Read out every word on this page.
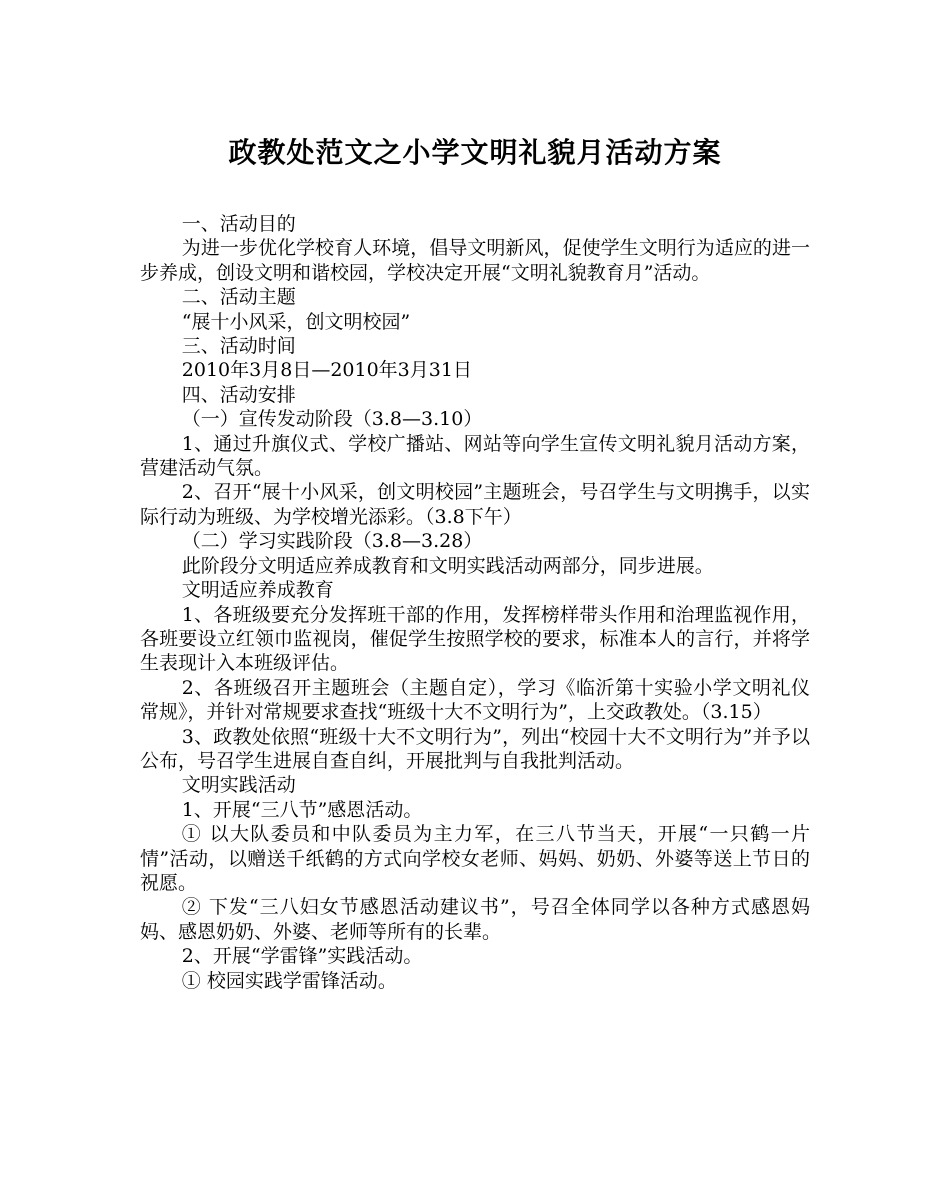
政教处范文之小学文明礼貌月活动方案

一、活动目的

为进一步优化学校育人环境，倡导文明新风，促使学生文明行为适应的进一步养成，创设文明和谐校园，学校决定开展“文明礼貌教育月”活动。

二、活动主题

“展十小风采，创文明校园”

三、活动时间

2010年3月8日—2010年3月31日

四、活动安排

（一）宣传发动阶段（3.8—3.10）

1、通过升旗仪式、学校广播站、网站等向学生宣传文明礼貌月活动方案，营建活动气氛。

2、召开“展十小风采，创文明校园”主题班会，号召学生与文明携手，以实际行动为班级、为学校增光添彩。（3.8下午）

（二）学习实践阶段（3.8—3.28）

此阶段分文明适应养成教育和文明实践活动两部分，同步进展。

文明适应养成教育

1、各班级要充分发挥班干部的作用，发挥榜样带头作用和治理监视作用，各班要设立红领巾监视岗，催促学生按照学校的要求，标准本人的言行，并将学生表现计入本班级评估。

2、各班级召开主题班会（主题自定），学习《临沂第十实验小学文明礼仪常规》，并针对常规要求查找“班级十大不文明行为”，上交政教处。（3.15）

3、政教处依照“班级十大不文明行为”，列出“校园十大不文明行为”并予以公布，号召学生进展自查自纠，开展批判与自我批判活动。

文明实践活动

1、开展“三八节”感恩活动。

① 以大队委员和中队委员为主力军，在三八节当天，开展“一只鹤一片情”活动，以赠送千纸鹤的方式向学校女老师、妈妈、奶奶、外婆等送上节日的祝愿。

② 下发“三八妇女节感恩活动建议书”，号召全体同学以各种方式感恩妈妈、感恩奶奶、外婆、老师等所有的长辈。

2、开展“学雷锋”实践活动。

① 校园实践学雷锋活动。
